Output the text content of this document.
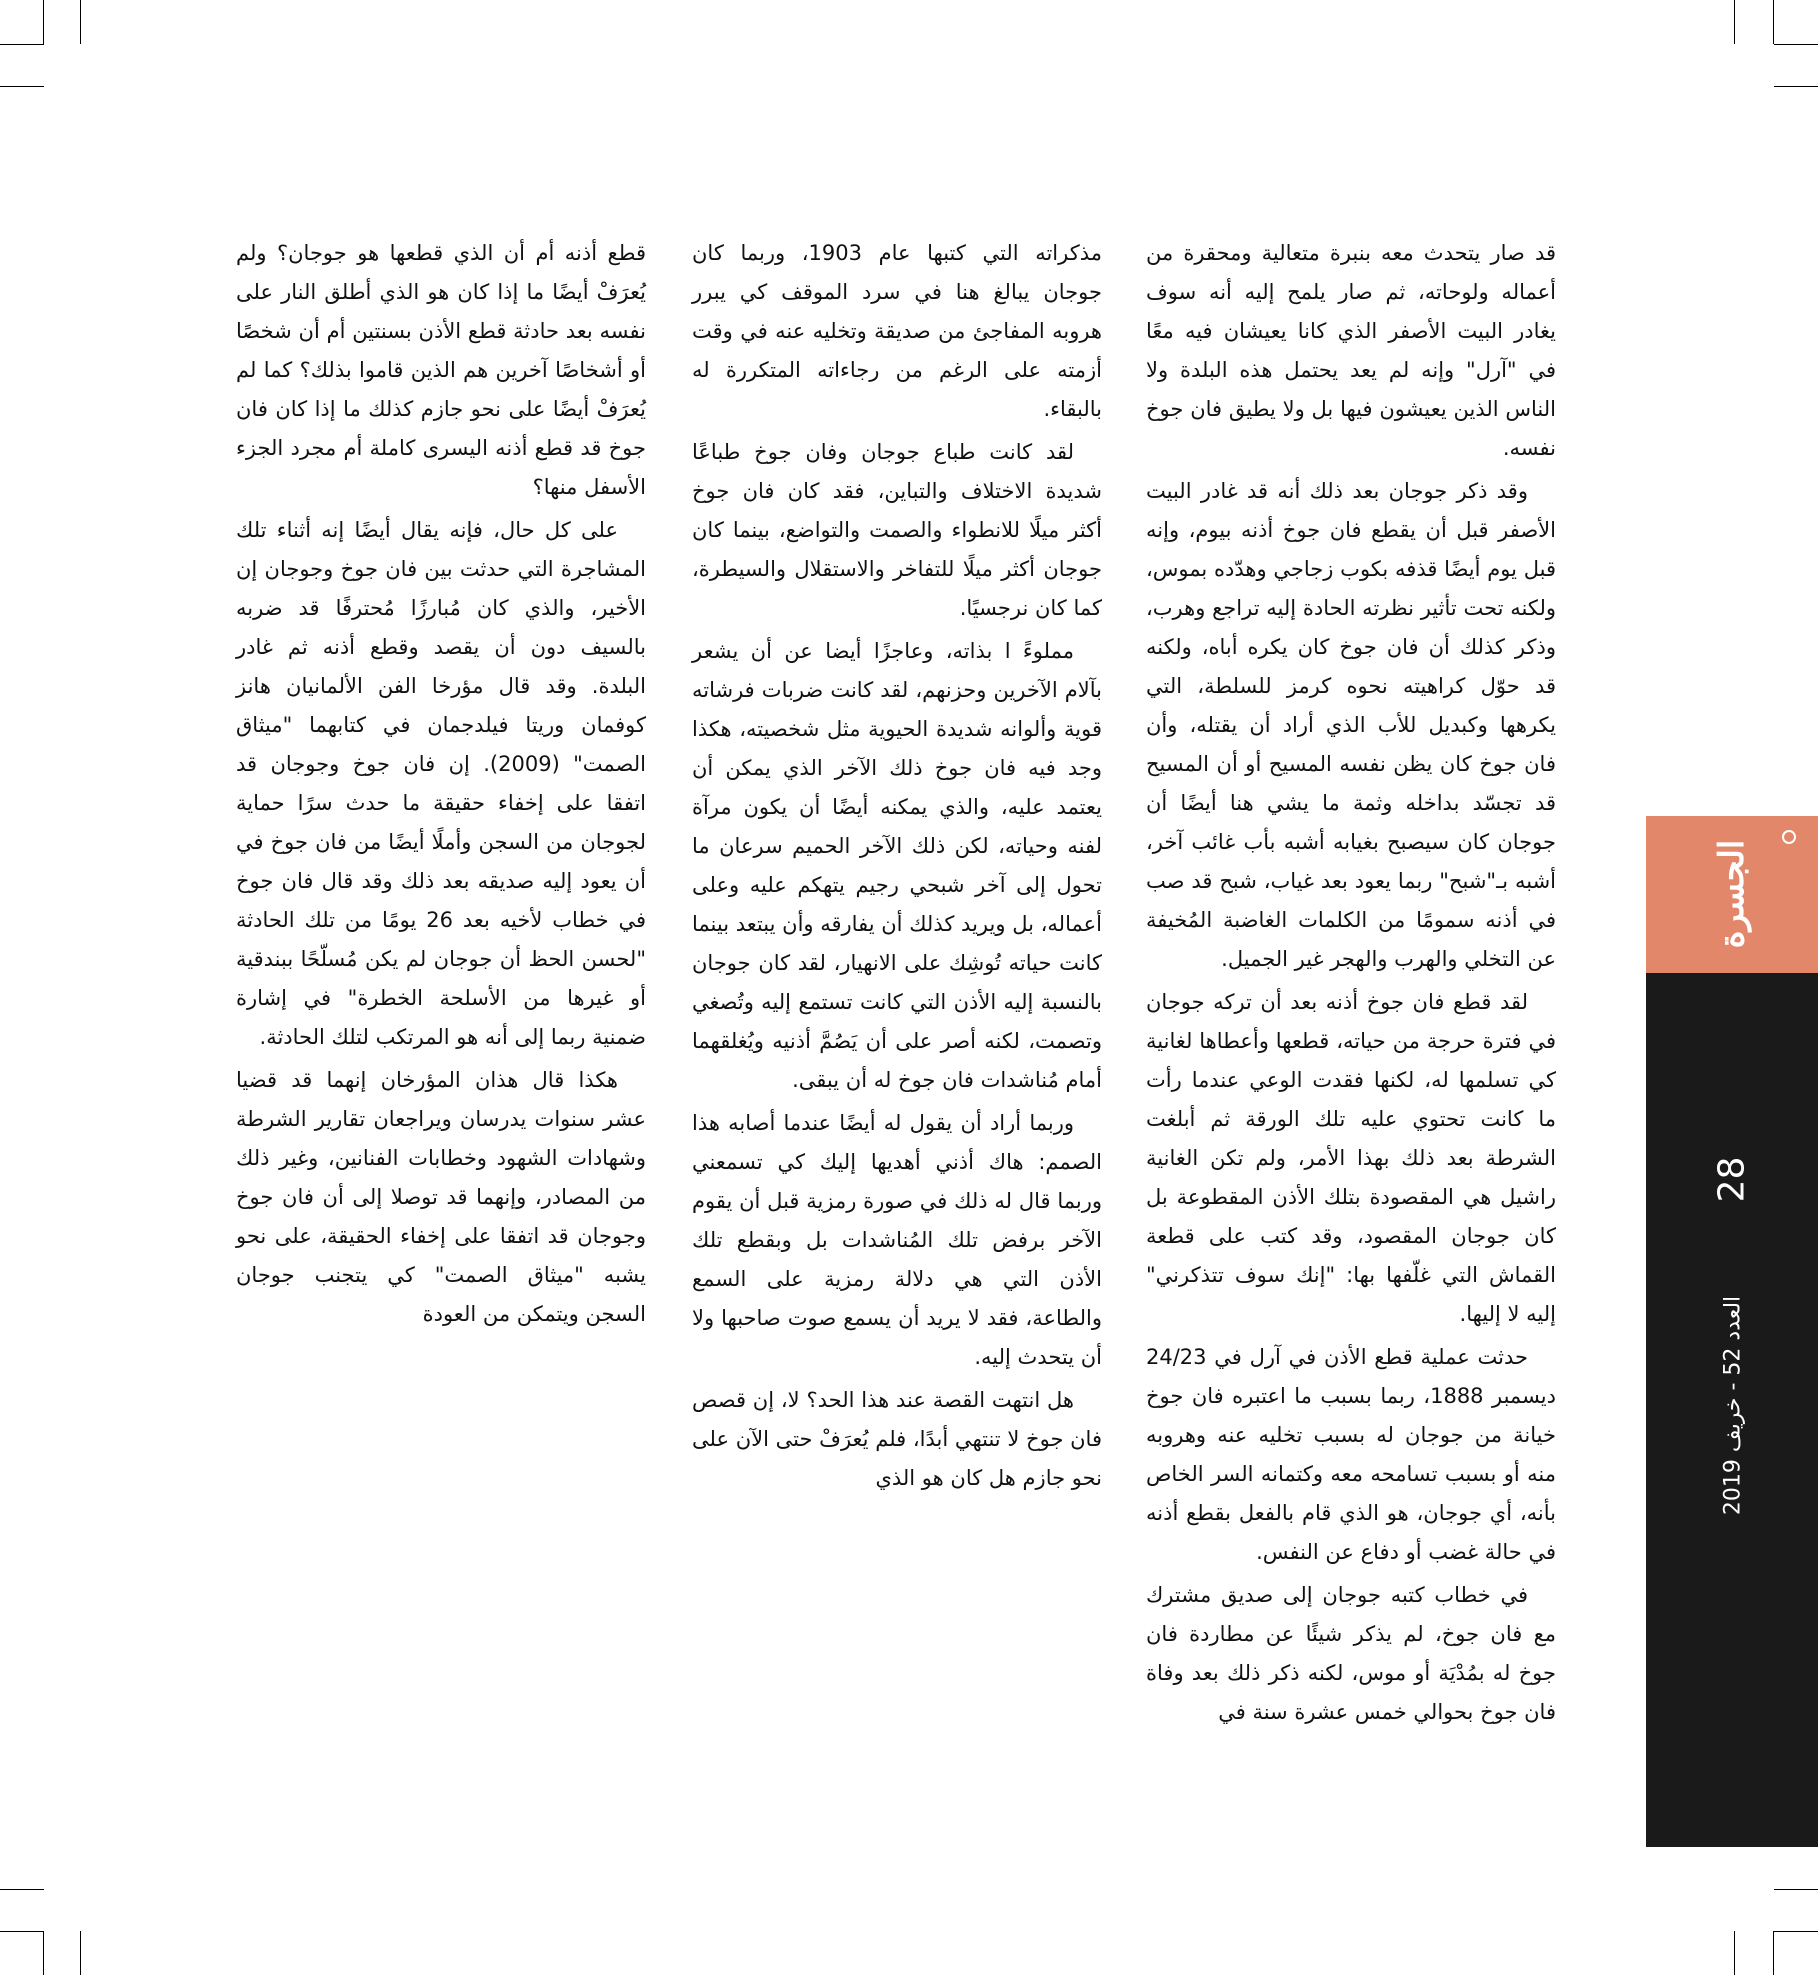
قد صار يتحدث معه بنبرة متعالية ومحقرة من أعماله ولوحاته، ثم صار يلمح إليه أنه سوف يغادر البيت الأصفر الذي كانا يعيشان فيه معًا في "آرل" وإنه لم يعد يحتمل هذه البلدة ولا الناس الذين يعيشون فيها بل ولا يطيق فان جوخ نفسه.

وقد ذكر جوجان بعد ذلك أنه قد غادر البيت الأصفر قبل أن يقطع فان جوخ أذنه بيوم، وإنه قبل يوم أيضًا قذفه بكوب زجاجي وهدّده بموس، ولكنه تحت تأثير نظرته الحادة إليه تراجع وهرب، وذكر كذلك أن فان جوخ كان يكره أباه، ولكنه قد حوّل كراهيته نحوه كرمز للسلطة، التي يكرهها وكبديل للأب الذي أراد أن يقتله، وأن فان جوخ كان يظن نفسه المسيح أو أن المسيح قد تجسّد بداخله وثمة ما يشي هنا أيضًا أن جوجان كان سيصبح بغيابه أشبه بأب غائب آخر، أشبه بـ"شبح" ربما يعود بعد غياب، شبح قد صب في أذنه سمومًا من الكلمات الغاضبة المُخيفة عن التخلي والهرب والهجر غير الجميل.

لقد قطع فان جوخ أذنه بعد أن تركه جوجان في فترة حرجة من حياته، قطعها وأعطاها لغانية كي تسلمها له، لكنها فقدت الوعي عندما رأت ما كانت تحتوي عليه تلك الورقة ثم أبلغت الشرطة بعد ذلك بهذا الأمر، ولم تكن الغانية راشيل هي المقصودة بتلك الأذن المقطوعة بل كان جوجان المقصود، وقد كتب على قطعة القماش التي غلّفها بها: "إنك سوف تتذكرني" إليه لا إليها.

حدثت عملية قطع الأذن في آرل في 24/23 ديسمبر 1888، ربما بسبب ما اعتبره فان جوخ خيانة من جوجان له بسبب تخليه عنه وهروبه منه أو بسبب تسامحه معه وكتمانه السر الخاص بأنه، أي جوجان، هو الذي قام بالفعل بقطع أذنه في حالة غضب أو دفاع عن النفس.

في خطاب كتبه جوجان إلى صديق مشترك مع فان جوخ، لم يذكر شيئًا عن مطاردة فان جوخ له بمُدْيَة أو موس، لكنه ذكر ذلك بعد وفاة فان جوخ بحوالي خمس عشرة سنة في

مذكراته التي كتبها عام 1903، وربما كان جوجان يبالغ هنا في سرد الموقف كي يبرر هروبه المفاجئ من صديقة وتخليه عنه في وقت أزمته على الرغم من رجاءاته المتكررة له بالبقاء.

لقد كانت طباع جوجان وفان جوخ طباعًا شديدة الاختلاف والتباين، فقد كان فان جوخ أكثر ميلًا للانطواء والصمت والتواضع، بينما كان جوجان أكثر ميلًا للتفاخر والاستقلال والسيطرة، كما كان نرجسيًا.

مملوءً ا بذاته، وعاجزًا أيضا عن أن يشعر بآلام الآخرين وحزنهم، لقد كانت ضربات فرشاته قوية وألوانه شديدة الحيوية مثل شخصيته، هكذا وجد فيه فان جوخ ذلك الآخر الذي يمكن أن يعتمد عليه، والذي يمكنه أيضًا أن يكون مرآة لفنه وحياته، لكن ذلك الآخر الحميم سرعان ما تحول إلى آخر شبحي رجيم يتهكم عليه وعلى أعماله، بل ويريد كذلك أن يفارقه وأن يبتعد بينما كانت حياته تُوشِك على الانهيار، لقد كان جوجان بالنسبة إليه الأذن التي كانت تستمع إليه وتُصغي وتصمت، لكنه أصر على أن يَصُمَّ أذنيه ويُغلقهما أمام مُناشدات فان جوخ له أن يبقى.

وربما أراد أن يقول له أيضًا عندما أصابه هذا الصمم: هاك أذني أهديها إليك كي تسمعني وربما قال له ذلك في صورة رمزية قبل أن يقوم الآخر برفض تلك المُناشدات بل وبقطع تلك الأذن التي هي دلالة رمزية على السمع والطاعة، فقد لا يريد أن يسمع صوت صاحبها ولا أن يتحدث إليه.

هل انتهت القصة عند هذا الحد؟ لا، إن قصص فان جوخ لا تنتهي أبدًا، فلم يُعرَفْ حتى الآن على نحو جازم هل كان هو الذي

قطع أذنه أم أن الذي قطعها هو جوجان؟ ولم يُعرَفْ أيضًا ما إذا كان هو الذي أطلق النار على نفسه بعد حادثة قطع الأذن بسنتين أم أن شخصًا أو أشخاصًا آخرين هم الذين قاموا بذلك؟ كما لم يُعرَفْ أيضًا على نحو جازم كذلك ما إذا كان فان جوخ قد قطع أذنه اليسرى كاملة أم مجرد الجزء الأسفل منها؟

على كل حال، فإنه يقال أيضًا إنه أثناء تلك المشاجرة التي حدثت بين فان جوخ وجوجان إن الأخير، والذي كان مُبارزًا مُحترفًا قد ضربه بالسيف دون أن يقصد وقطع أذنه ثم غادر البلدة. وقد قال مؤرخا الفن الألمانيان هانز كوفمان وريتا فيلدجمان في كتابهما "ميثاق الصمت" (2009). إن فان جوخ وجوجان قد اتفقا على إخفاء حقيقة ما حدث سرًا حماية لجوجان من السجن وأملًا أيضًا من فان جوخ في أن يعود إليه صديقه بعد ذلك وقد قال فان جوخ في خطاب لأخيه بعد 26 يومًا من تلك الحادثة "لحسن الحظ أن جوجان لم يكن مُسلّحًا ببندقية أو غيرها من الأسلحة الخطرة" في إشارة ضمنية ربما إلى أنه هو المرتكب لتلك الحادثة.

هكذا قال هذان المؤرخان إنهما قد قضيا عشر سنوات يدرسان ويراجعان تقارير الشرطة وشهادات الشهود وخطابات الفنانين، وغير ذلك من المصادر، وإنهما قد توصلا إلى أن فان جوخ وجوجان قد اتفقا على إخفاء الحقيقة، على نحو يشبه "ميثاق الصمت" كي يتجنب جوجان السجن ويتمكن من العودة

الجسرة
28
العدد 52 - خريف 2019
